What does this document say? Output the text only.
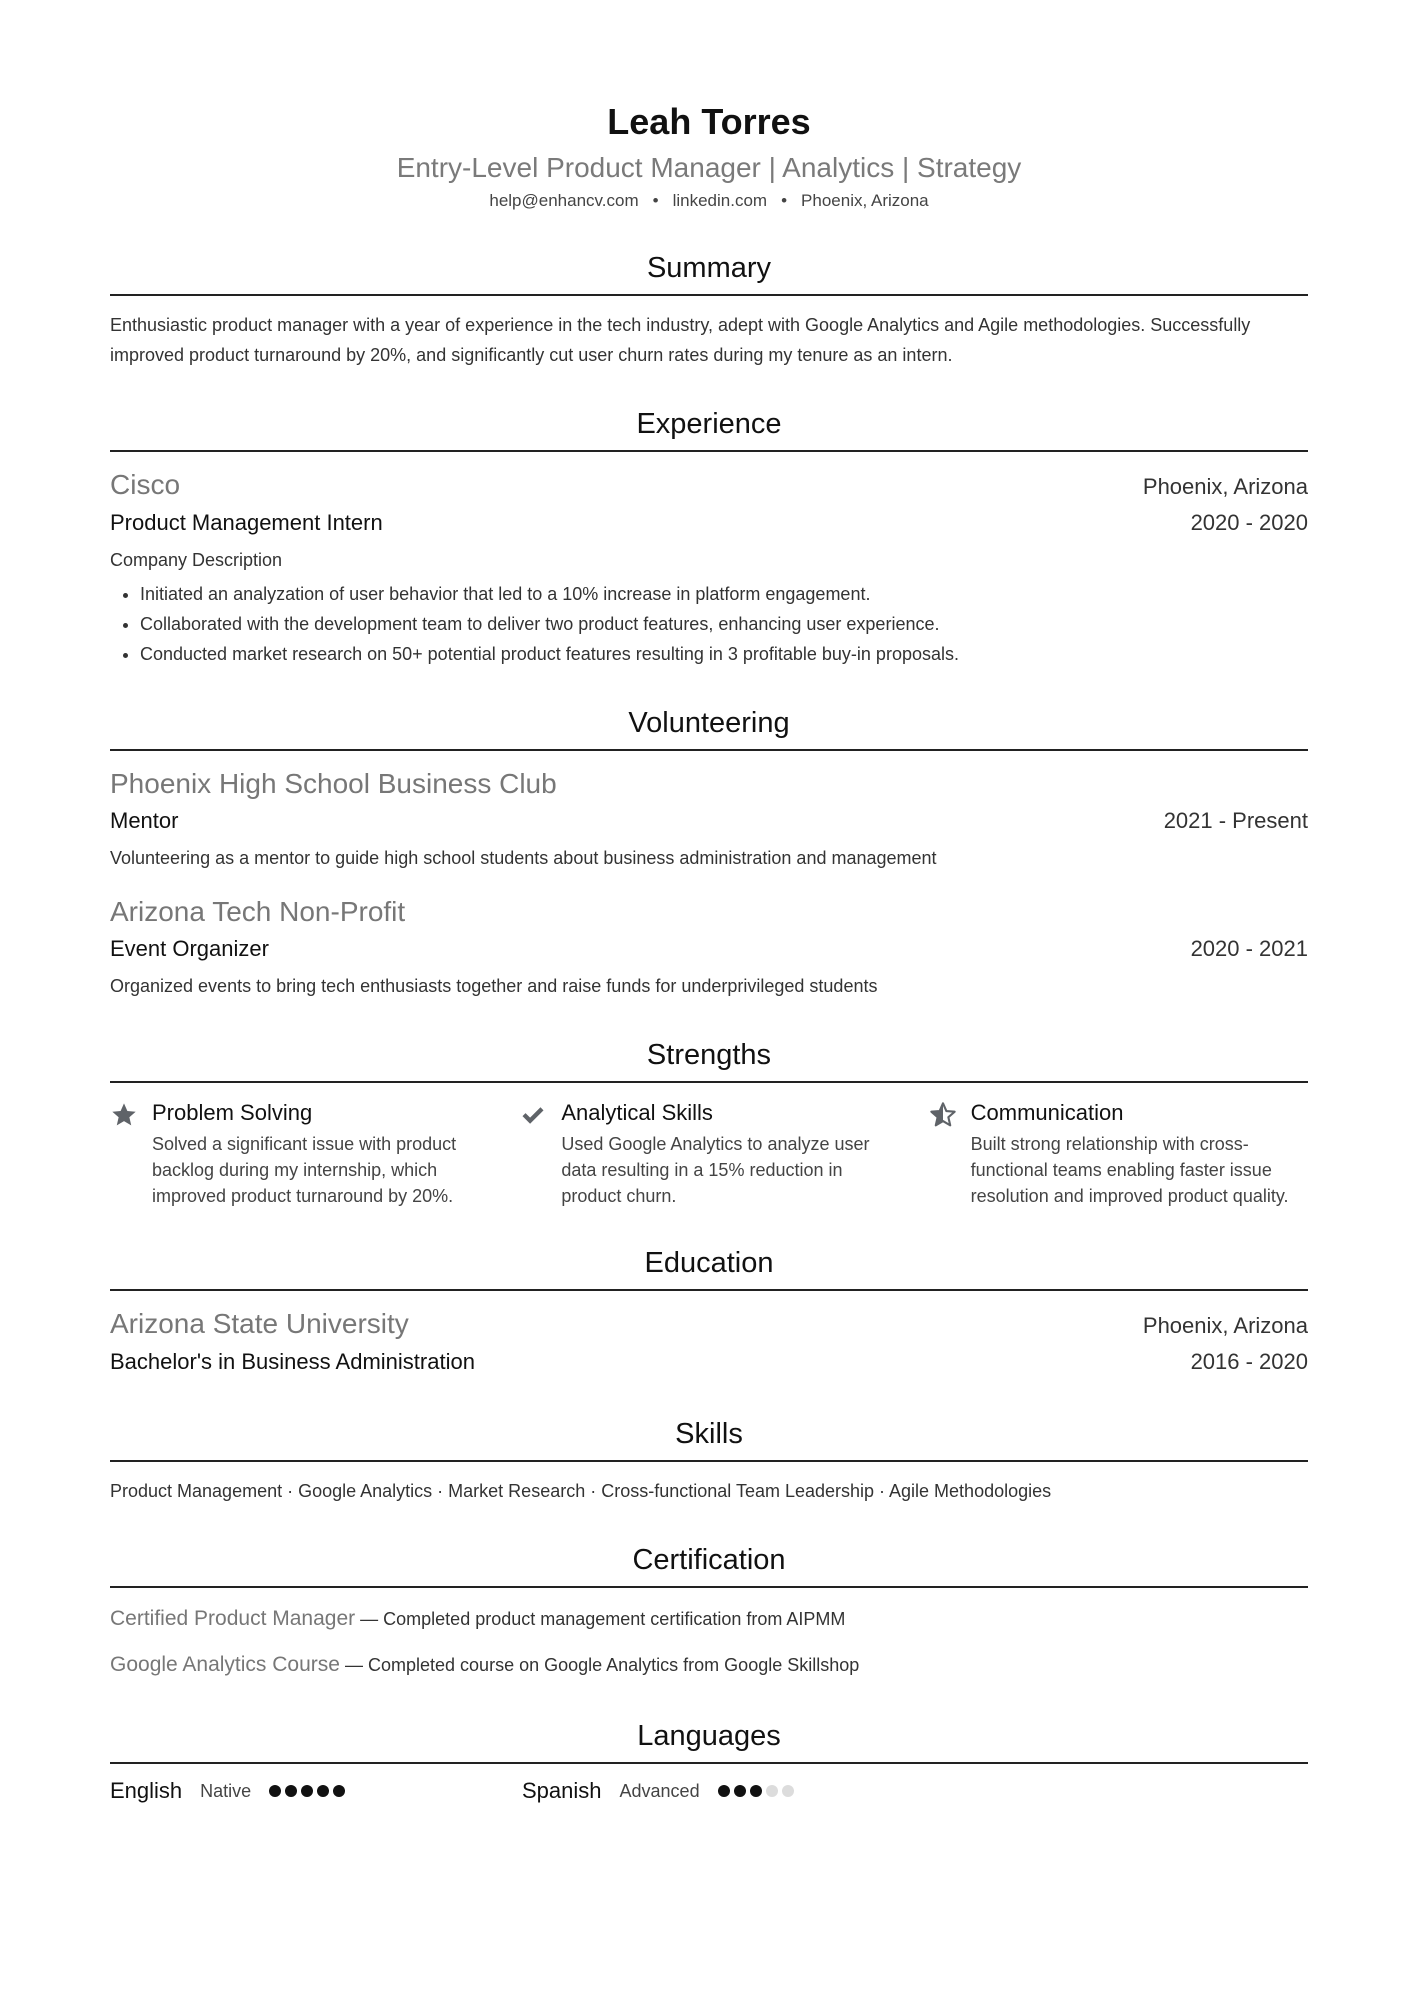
Leah Torres
Entry-Level Product Manager | Analytics | Strategy
help@enhancv.com • linkedin.com • Phoenix, Arizona
Summary
Enthusiastic product manager with a year of experience in the tech industry, adept with Google Analytics and Agile methodologies. Successfully improved product turnaround by 20%, and significantly cut user churn rates during my tenure as an intern.
Experience
Cisco	Phoenix, Arizona
Product Management Intern	2020 - 2020
Company Description
• Initiated an analyzation of user behavior that led to a 10% increase in platform engagement.
• Collaborated with the development team to deliver two product features, enhancing user experience.
• Conducted market research on 50+ potential product features resulting in 3 profitable buy-in proposals.
Volunteering
Phoenix High School Business Club
Mentor	2021 - Present
Volunteering as a mentor to guide high school students about business administration and management
Arizona Tech Non-Profit
Event Organizer	2020 - 2021
Organized events to bring tech enthusiasts together and raise funds for underprivileged students
Strengths
Problem Solving
Solved a significant issue with product backlog during my internship, which improved product turnaround by 20%.
Analytical Skills
Used Google Analytics to analyze user data resulting in a 15% reduction in product churn.
Communication
Built strong relationship with cross-functional teams enabling faster issue resolution and improved product quality.
Education
Arizona State University	Phoenix, Arizona
Bachelor's in Business Administration	2016 - 2020
Skills
Product Management · Google Analytics · Market Research · Cross-functional Team Leadership · Agile Methodologies
Certification
Certified Product Manager — Completed product management certification from AIPMM
Google Analytics Course — Completed course on Google Analytics from Google Skillshop
Languages
English Native	Spanish Advanced
